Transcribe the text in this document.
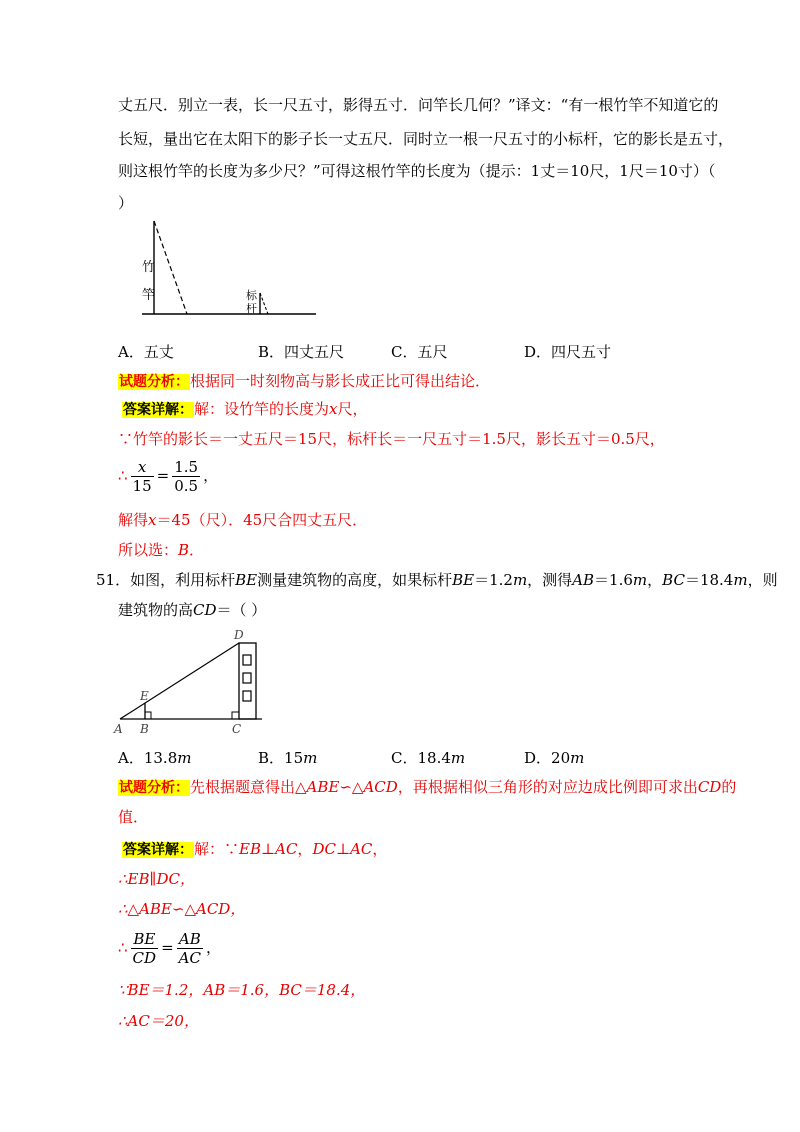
丈五尺．别立一表，长一尺五寸，影得五寸．问竿长几何？”译文：“有一根竹竿不知道它的
长短，量出它在太阳下的影子长一丈五尺．同时立一根一尺五寸的小标杆，它的影长是五寸，
则这根竹竿的长度为多少尺？”可得这根竹竿的长度为（提示：1丈＝10尺，1尺＝10寸）（
）
竹
竿	标
杆
A．五丈	B．四丈五尺	C．五尺	D．四尺五寸
试题分析：根据同一时刻物高与影长成正比可得出结论．
答案详解：解：设竹竿的长度为x尺，
∵竹竿的影长＝一丈五尺＝15尺，标杆长＝一尺五寸＝1.5尺，影长五寸＝0.5尺，
∴ $\frac{x}{15} = \frac{1.5}{0.5}$ ，
解得x＝45（尺）．45尺合四丈五尺．
所以选：B．
51．如图，利用标杆BE测量建筑物的高度，如果标杆BE＝1.2m，测得AB＝1.6m，BC＝18.4m，则
建筑物的高CD＝（ ）
A B	C
D
E
A．13.8m	B．15m	C．18.4m	D．20m
试题分析：先根据题意得出△ABE∽△ACD，再根据相似三角形的对应边成比例即可求出CD的
值．
答案详解：解：∵EB⊥AC，DC⊥AC，
∴EB∥DC，
∴△ABE∽△ACD，
∴ $\frac{BE}{CD} = \frac{AB}{AC}$ ，
∵BE＝1.2，AB＝1.6，BC＝18.4，
∴AC＝20，
